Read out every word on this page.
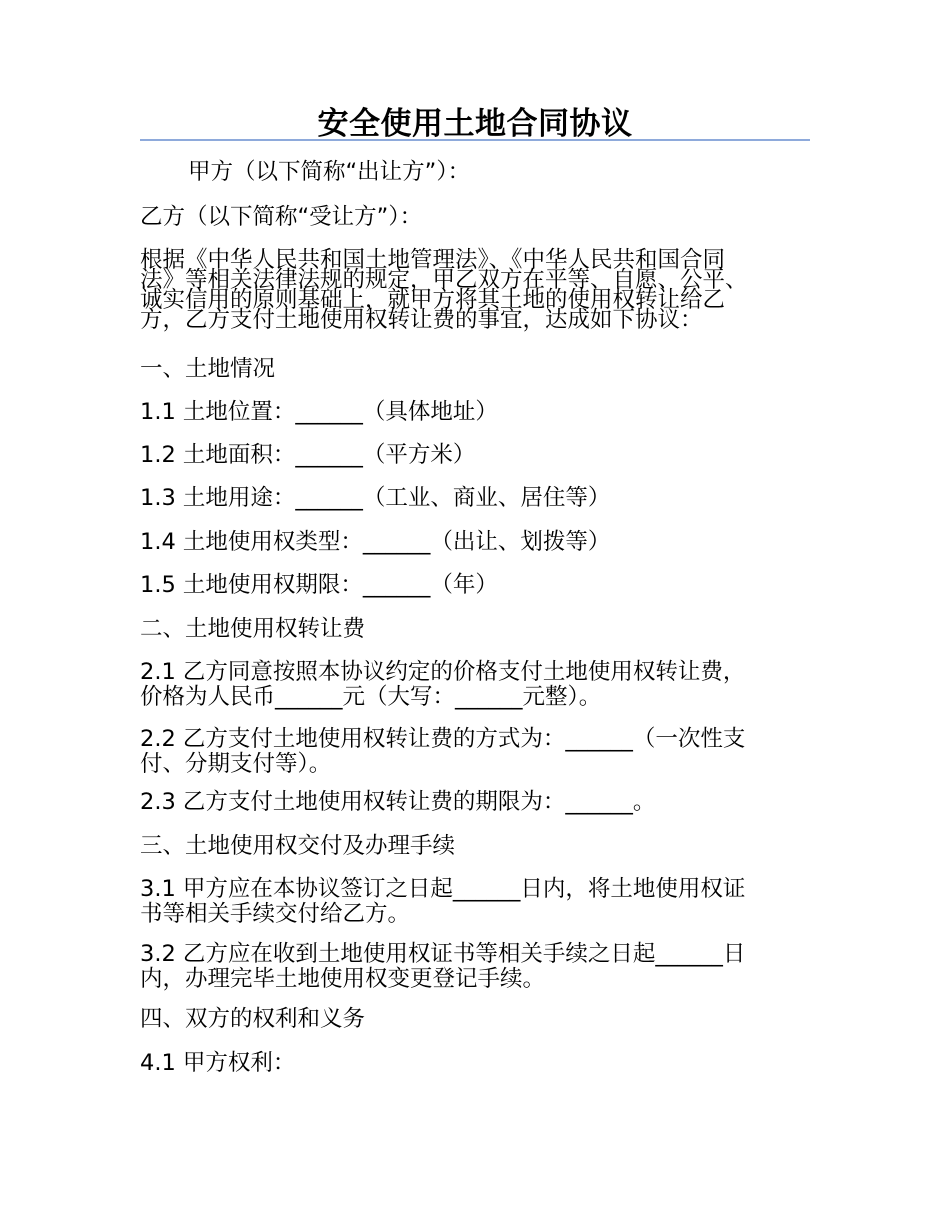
安全使用土地合同协议
甲方（以下简称“出让方”）：
乙方（以下简称“受让方”）：
根据《中华人民共和国土地管理法》、《中华人民共和国合同
法》等相关法律法规的规定，甲乙双方在平等、自愿、公平、
诚实信用的原则基础上，就甲方将其土地的使用权转让给乙
方，乙方支付土地使用权转让费的事宜，达成如下协议：
一、土地情况
1.1 土地位置：______（具体地址）
1.2 土地面积：______（平方米）
1.3 土地用途：______（工业、商业、居住等）
1.4 土地使用权类型：______（出让、划拨等）
1.5 土地使用权期限：______（年）
二、土地使用权转让费
2.1 乙方同意按照本协议约定的价格支付土地使用权转让费，
价格为人民币______元（大写：______元整）。
2.2 乙方支付土地使用权转让费的方式为：______（一次性支
付、分期支付等）。
2.3 乙方支付土地使用权转让费的期限为：______。
三、土地使用权交付及办理手续
3.1 甲方应在本协议签订之日起______日内，将土地使用权证
书等相关手续交付给乙方。
3.2 乙方应在收到土地使用权证书等相关手续之日起______日
内，办理完毕土地使用权变更登记手续。
四、双方的权利和义务
4.1 甲方权利：
